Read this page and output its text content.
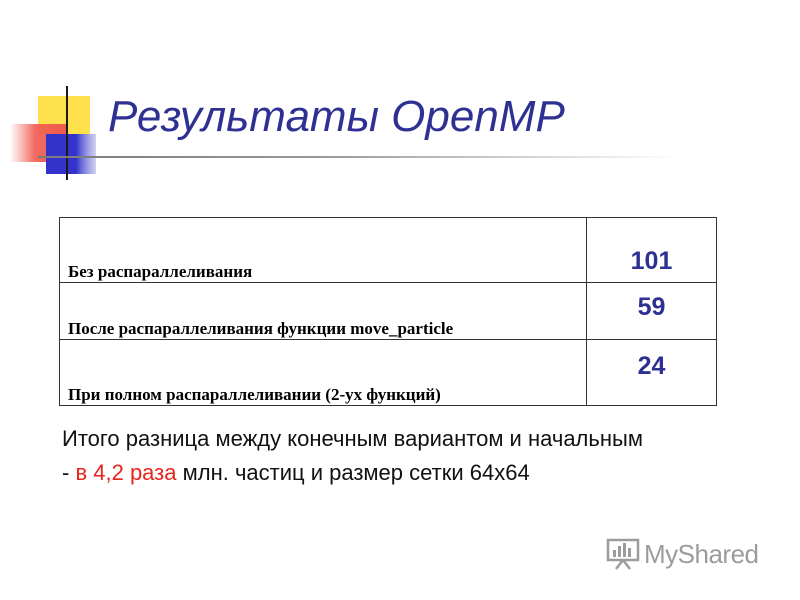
Результаты OpenMP
Без распараллеливания	101
После распараллеливания функции move_particle	59
При полном распараллеливании (2-ух функций)	24
Итого разница между конечным вариантом и начальным
- в 4,2 раза млн. частиц и размер сетки 64х64
MyShared
